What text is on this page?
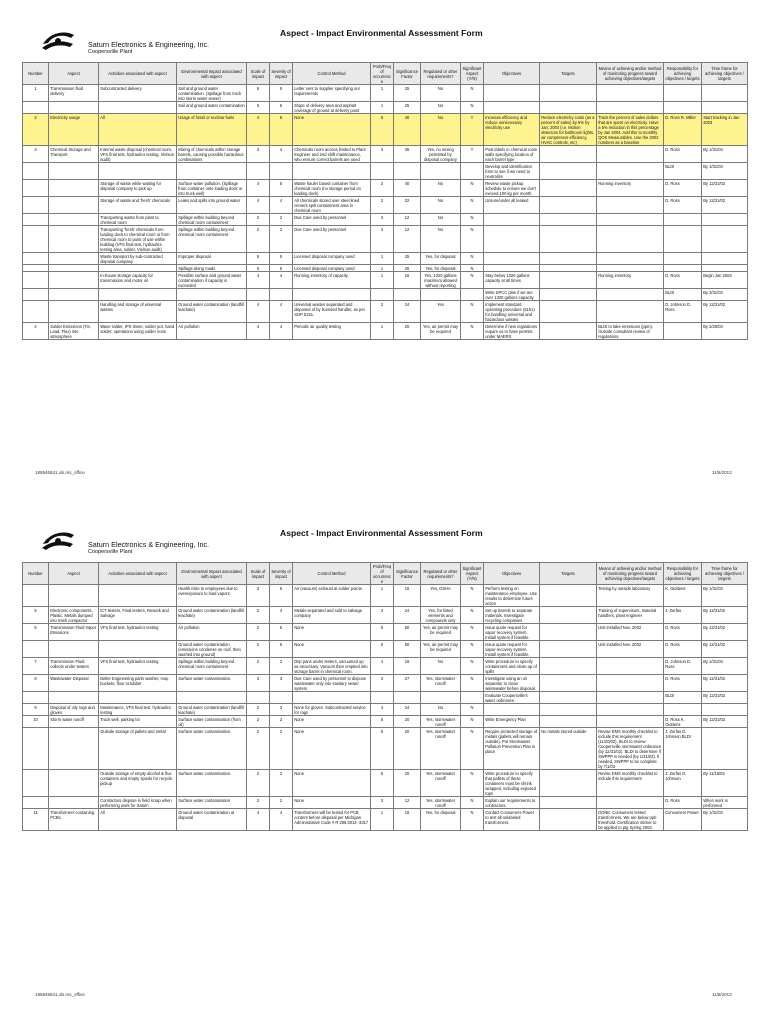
Saturn Electronics & Engineering, Inc.
Coopersville Plant
Aspect - Impact Environmental Assessment Form
Number	Aspect	Activities associated with aspect	Environmental Impact associated with aspect	Scale of impact	Severity of impact	Control Method	Prob/Freq of occurrence	Significance Factor	Regulated or other requirements?	Significant Aspect (Y/N)	Objectives	Targets	Means of achieving and/or method of monitoring progress toward achieving objectives/targets	Responsibility for achieving objectives / targets	Time frame for achieving objectives / targets
1	Transmission fluid delivery	Subcontracted delivery	Soil and ground water contamination. (Spillage from truck into storm water sewer)	5	5	Letter sent to supplier specifying our requirements	1	25	No	N					
			Soil and ground water contamination	5	5	Slope of delivery area and asphalt coverage of ground at delivery point	1	25	No	N					
2	Electricity usage	All	Usage of fossil or nuclear fuels	4	5	None	5	40	No	Y	Increase efficiency and reduce unnecessary electricity use	Reduce electricity costs (as a percent of sales) by 5% by Jan, 2004 (i.e. Motion detectors for bathroom lights, air compressor efficiency, HVAC controls, etc)	Track the percent of sales dollars that are spent on electricity. Have a 5% reduction in this percentage by Jan 2004. Add this to monthly QOS Measurables. Use the 2002 numbers as a baseline	D. Ross R. Miller	Start tracking in Jan 2003
3	Chemical Storage and Transport	Internal waste disposal (chemical room, VFS final test, hydraulics testing, Vielson audit)	Mixing of chemicals within storage barrels, causing possible hazardous combinations	3	4	Chemicals room access limited to Plant Engineer and 2nd shift maintenance, who ensure correct barrels are used	3	36	Yes, no mixing permitted by disposal company	Y	Post labels in chemical room walls specifying location of each barrel type			D. Ross	By 1/31/03
											Develop and identification form to see if we need to neutralize			BLDI	By 1/31/03
		Storage of waste while waiting for disposal company to pick up	Surface water pollution. (Spillage from container onto loading dock or into truck well)	4	5	Waste hauler based container from chemical room (no storage period on loading dock)	2	40	No	N	Review waste pickup schedule to ensure we don't exceed 100 kg per month.		Running inventory	D. Ross	By 12/31/02
		Storage of waste and 'fresh' chemicals	Leaks and spills into ground water	4	4	All chemicals stored over steel lined cement spill containment area in chemical room	2	32	No	N	Unsure/under all leaked			D. Ross	By 12/31/02
		Transporting waste from plant to chemical room	Spillage within building beyond chemical room containment	2	2	Due Care used by personnel	3	12	No	N					
		Transporting 'fresh' chemicals from loading dock to chemical room or from chemical room to point of use within building (VFS final test, hydraulics testing area, solder, Vielson audit)	Spillage within building beyond chemical room containment	2	2	Due Care used by personnel	3	12	No	N					
		Waste transport by sub-contracted disposal company	Improper disposal	5	5	Licensed disposal company used	1	25	Yes, for disposal	N					
			Spillage along roads	5	5	Licensed disposal company used	1	25	Yes, for disposal	N					
		In-house storage capacity for transmission and motor oil	Possible surface and ground water contamination if capacity is exceeded	4	4	Running inventory of capacity	1	16	Yes. 1320 gallons maximum allowed without reporting	N	Stay below 1320 gallons capacity at all times		Running inventory	D. Ross	Begin Jan 2003
											Write SPCC plan if we are over 1320 gallons capacity			BLDI	By 3/31/03
		Handling and storage of universal wastes	Ground water contamination (landfill leachate)	4	4	Universal wastes separated and disposed of by licensed handler, as per SOP 5151.	2	24	Yes	N	Implement standard operating procedure (5151) for handling universal and hazardous wastes			D. Johnson D. Ross	By 12/31/02
4	Solder Emissions (Tin, Lead, Flux) into atmosphere	Wave solder, IPS tinner, solder pot, hand solder; operations using solder irons	Air pollution	4	4	Periodic air quality testing	1	20	Yes, air permit may be required	N	Determine if new regulations require us to have permits under MAERS.		BLDI to take emissions (ppm). Outside consultant review of regulations.		By 2/28/03
185946541.xls.ms_office	11/5/2013
Saturn Electronics & Engineering, Inc.
Coopersville Plant
Aspect - Impact Environmental Assessment Form
Number	Aspect	Activities associated with aspect	Environmental Impact associated with aspect	Scale of impact	Severity of impact	Control Method	Prob/Freq of occurrence	Significance Factor	Regulated or other requirements?	Significant Aspect (Y/N)	Objectives	Targets	Means of achieving and/or method of monitoring progress toward achieving objectives/targets	Responsibility for achieving objectives / targets	Time frame for achieving objectives / targets
			Health risks to employees due to overexposure to lead vapors	3	5	Air (vacuum) exhaust at solder points	1	15	Yes, OSHA	N	Perform testing on maintenance employee. Use results to determine future action		Testing by outside laboratory	K. Giddens	By 1/31/03
5	Electronic components, Plastic, Metals dumped into trash compactor	ICT testers, Final testers, Rework and Salvage	Ground water contamination (landfill leachate)	2	4	Metals separated and sold to salvage company	3	24	Yes, for listed elements and compounds only	N	Set up barrels to separate materials. Investigate recycling companies		Training of supervisors, material handlers, plant engineer	J. Zerfas	By 12/31/02
6	Transmission Fluid Vapor Emissions	VFS final test, hydraulics testing	Air pollution	2	5	None	5	50	Yes, air permit may be required	N	Issue quote request for vapor recovery system. Install system if feasible.		Unit installed Nov. 2002	D. Ross	By 12/31/02
			Ground water contamination (emissions condense on roof, then washed into ground)	2	5	None	5	50	Yes, air permit may be required	N	Issue quote request for vapor recovery system. Install system if feasible.		Unit installed Nov. 2002	D. Ross	By 12/31/02
7	Transmission Fluid collects under testers	VFS final test, hydraulics testing	Spillage within building beyond chemical room containment	2	2	Drip pans under testers, vacuumed up as necessary. Vacuum then emptied into storage barrel in chemical room.	4	16	No	N	Write procedure to specify containment and clean-up of spills			D. Johnson D. Ross	By 1/31/03
8	Wastewater Disposal	Deller Engineering parts washer, mop buckets, floor scrubber	Surface water contamination.	3	3	Due Care used by personnel to dispose wastewater only into sanitary sewer system	3	27	Yes, stormwater runoff	N	Investigate using an oil separator to clean wastewater before disposal.			D. Ross	By 12/31/02
											Evaluate Coopersville's water ordinance.			BLDI	By 12/31/02
9	Disposal of oily rags and gloves	Maintenance, VFS final test, hydraulics testing	Ground water contamination (landfill leachate)	2	3	None for gloves. Subcontracted service for rags	4	24	No	N					
10	Storm water runoff	Truck well, parking lot	Surface water contamination (from oil)	2	2	None	5	20	Yes, stormwater runoff	N	Write Emergency Plan			D. Ross K. Giddens	By 12/31/02
		Outside storage of pallets and metal	Surface water contamination.	2	2	None	5	20	Yes, stormwater runoff	N	Require protected storage of metals (pallets will remain outside). Put Stormwater Pollution Prevention Plan in place	No metals stored outside	Revise EMS monthly checklist to include this requirement (11/20/02). BLDI to review Coopersville stormwater ordinance (by 12/31/02). BLDI to determine if SWPPP is needed (by 1/31/03). If needed, SWPPP to be complete by 7/1/03	J. Zerfas D. Johnson BLDI	
		Outside storage of empty alcohol & flux containers and empty spools for recycle pickup	Surface water contamination.	2	2	None	5	20	Yes, stormwater runoff	N	Write procedure to specify that pallets of these containers must be shrink wrapped, including exposed tops		Revise EMS monthly checklist to include this requirement	J. Zerfas D. Johnson	By 11/15/02
		Contractors dispose in field scrap when performing work for Saturn	Surface water contamination	2	2	None	3	12	Yes, stormwater runoff	N	Explain our requirements to contractors.			D. Ross	When work is performed
11	Transformers containing PCBs	All	Ground water contamination at disposal	4	4	Transformers will be tested for PCB content before disposal per Michigan Administrative Code # R 299.3013 -3317	1	16	Yes, for disposal	N	Contact Consumers Power to test all unlabeled transformers.		DONE. Consumers tested transformers. We are below ppb threshold. Certification sticker to be applied to ptg Spring 2003.	Consumers Power	By 1/31/03
185946541.xls.ms_office	11/5/2013
